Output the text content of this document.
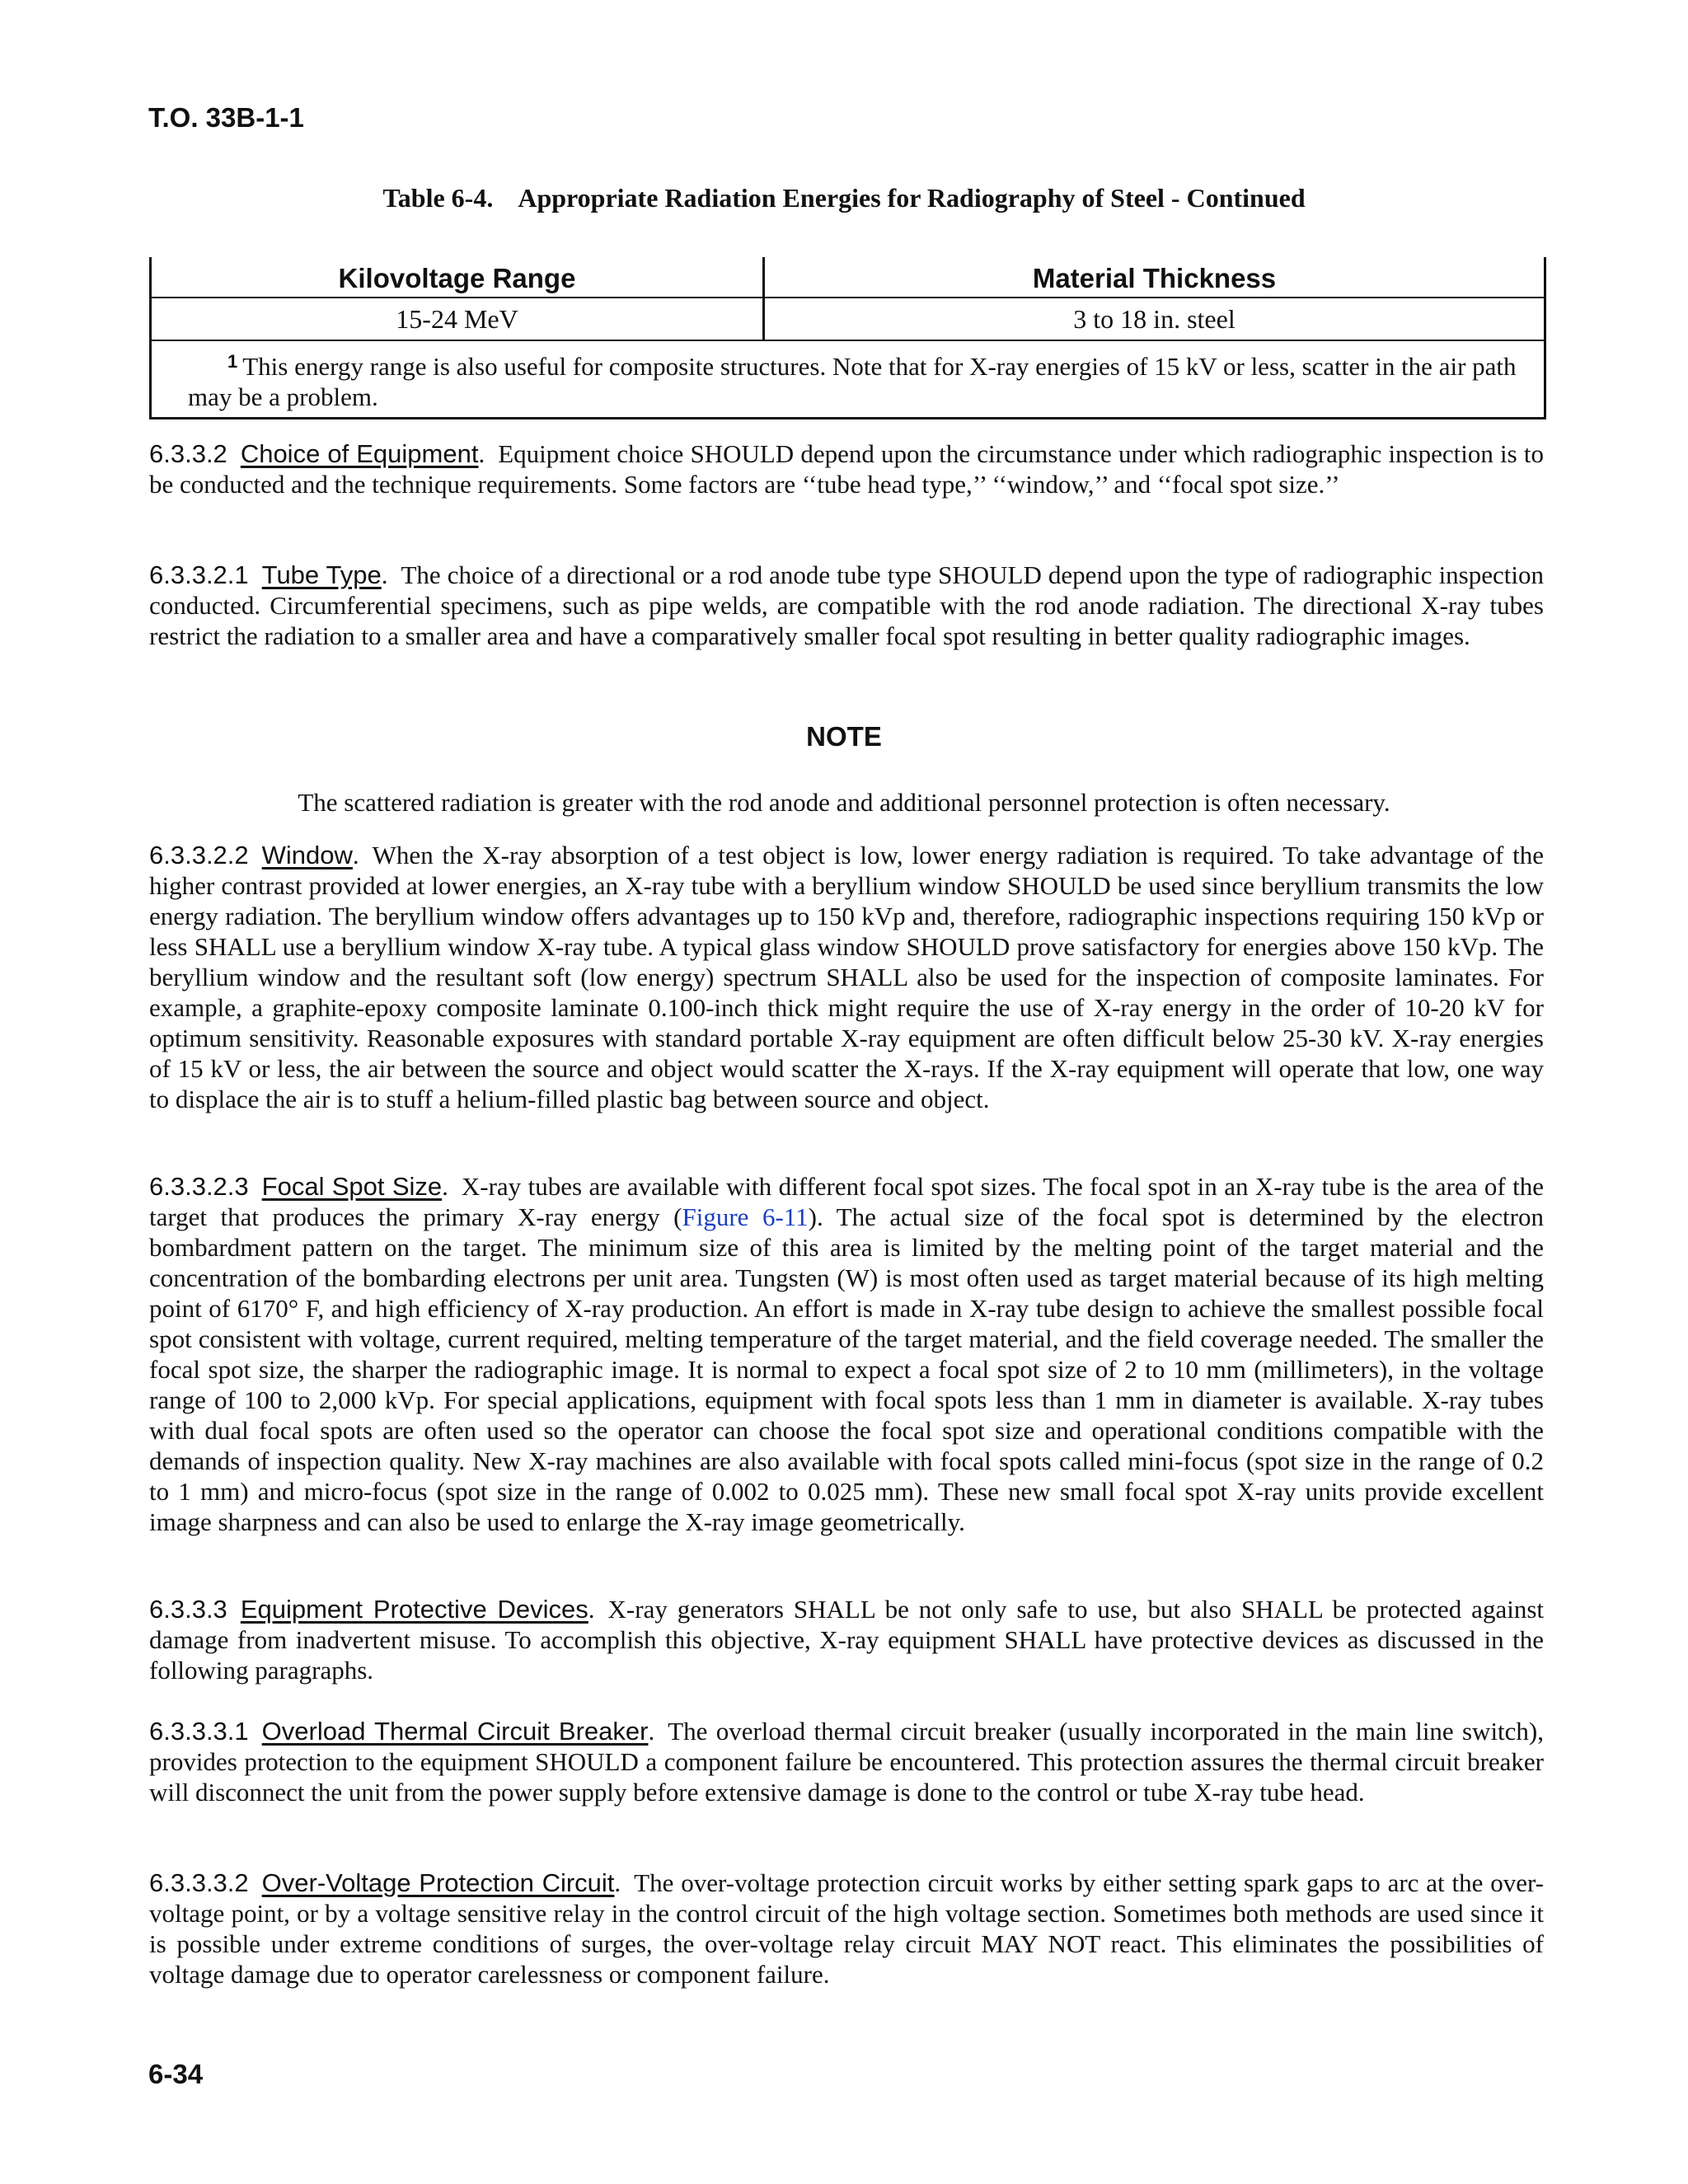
T.O. 33B-1-1
Table 6-4. Appropriate Radiation Energies for Radiography of Steel - Continued
Kilovoltage Range	Material Thickness
15-24 MeV	3 to 18 in. steel
$^1$ This energy range is also useful for composite structures. Note that for X-ray energies of 15 kV or less, scatter in the air path may be a problem.	
6.3.3.2 Choice of Equipment. Equipment choice SHOULD depend upon the circumstance under which radiographic inspection is to be conducted and the technique requirements. Some factors are ‘‘tube head type,’’ ‘‘window,’’ and ‘‘focal spot size.’’
6.3.3.2.1 Tube Type. The choice of a directional or a rod anode tube type SHOULD depend upon the type of radiographic inspection conducted. Circumferential specimens, such as pipe welds, are compatible with the rod anode radiation. The directional X-ray tubes restrict the radiation to a smaller area and have a comparatively smaller focal spot resulting in better quality radiographic images.
NOTE
The scattered radiation is greater with the rod anode and additional personnel protection is often necessary.
6.3.3.2.2 Window. When the X-ray absorption of a test object is low, lower energy radiation is required. To take advantage of the higher contrast provided at lower energies, an X-ray tube with a beryllium window SHOULD be used since beryllium transmits the low energy radiation. The beryllium window offers advantages up to 150 kVp and, therefore, radiographic inspections requiring 150 kVp or less SHALL use a beryllium window X-ray tube. A typical glass window SHOULD prove satisfactory for energies above 150 kVp. The beryllium window and the resultant soft (low energy) spectrum SHALL also be used for the inspection of composite laminates. For example, a graphite-epoxy composite laminate 0.100-inch thick might require the use of X-ray energy in the order of 10-20 kV for optimum sensitivity. Reasonable exposures with standard portable X-ray equipment are often difficult below 25-30 kV. X-ray energies of 15 kV or less, the air between the source and object would scatter the X-rays. If the X-ray equipment will operate that low, one way to displace the air is to stuff a helium-filled plastic bag between source and object.
6.3.3.2.3 Focal Spot Size. X-ray tubes are available with different focal spot sizes. The focal spot in an X-ray tube is the area of the target that produces the primary X-ray energy (Figure 6-11). The actual size of the focal spot is determined by the electron bombardment pattern on the target. The minimum size of this area is limited by the melting point of the target material and the concentration of the bombarding electrons per unit area. Tungsten (W) is most often used as target material because of its high melting point of 6170° F, and high efficiency of X-ray production. An effort is made in X-ray tube design to achieve the smallest possible focal spot consistent with voltage, current required, melting temperature of the target material, and the field coverage needed. The smaller the focal spot size, the sharper the radiographic image. It is normal to expect a focal spot size of 2 to 10 mm (millimeters), in the voltage range of 100 to 2,000 kVp. For special applications, equipment with focal spots less than 1 mm in diameter is available. X-ray tubes with dual focal spots are often used so the operator can choose the focal spot size and operational conditions compatible with the demands of inspection quality. New X-ray machines are also available with focal spots called mini-focus (spot size in the range of 0.2 to 1 mm) and micro-focus (spot size in the range of 0.002 to 0.025 mm). These new small focal spot X-ray units provide excellent image sharpness and can also be used to enlarge the X-ray image geometrically.
6.3.3.3 Equipment Protective Devices. X-ray generators SHALL be not only safe to use, but also SHALL be protected against damage from inadvertent misuse. To accomplish this objective, X-ray equipment SHALL have protective devices as discussed in the following paragraphs.
6.3.3.3.1 Overload Thermal Circuit Breaker. The overload thermal circuit breaker (usually incorporated in the main line switch), provides protection to the equipment SHOULD a component failure be encountered. This protection assures the thermal circuit breaker will disconnect the unit from the power supply before extensive damage is done to the control or tube X-ray tube head.
6.3.3.3.2 Over-Voltage Protection Circuit. The over-voltage protection circuit works by either setting spark gaps to arc at the over-voltage point, or by a voltage sensitive relay in the control circuit of the high voltage section. Sometimes both methods are used since it is possible under extreme conditions of surges, the over-voltage relay circuit MAY NOT react. This eliminates the possibilities of voltage damage due to operator carelessness or component failure.
6-34
